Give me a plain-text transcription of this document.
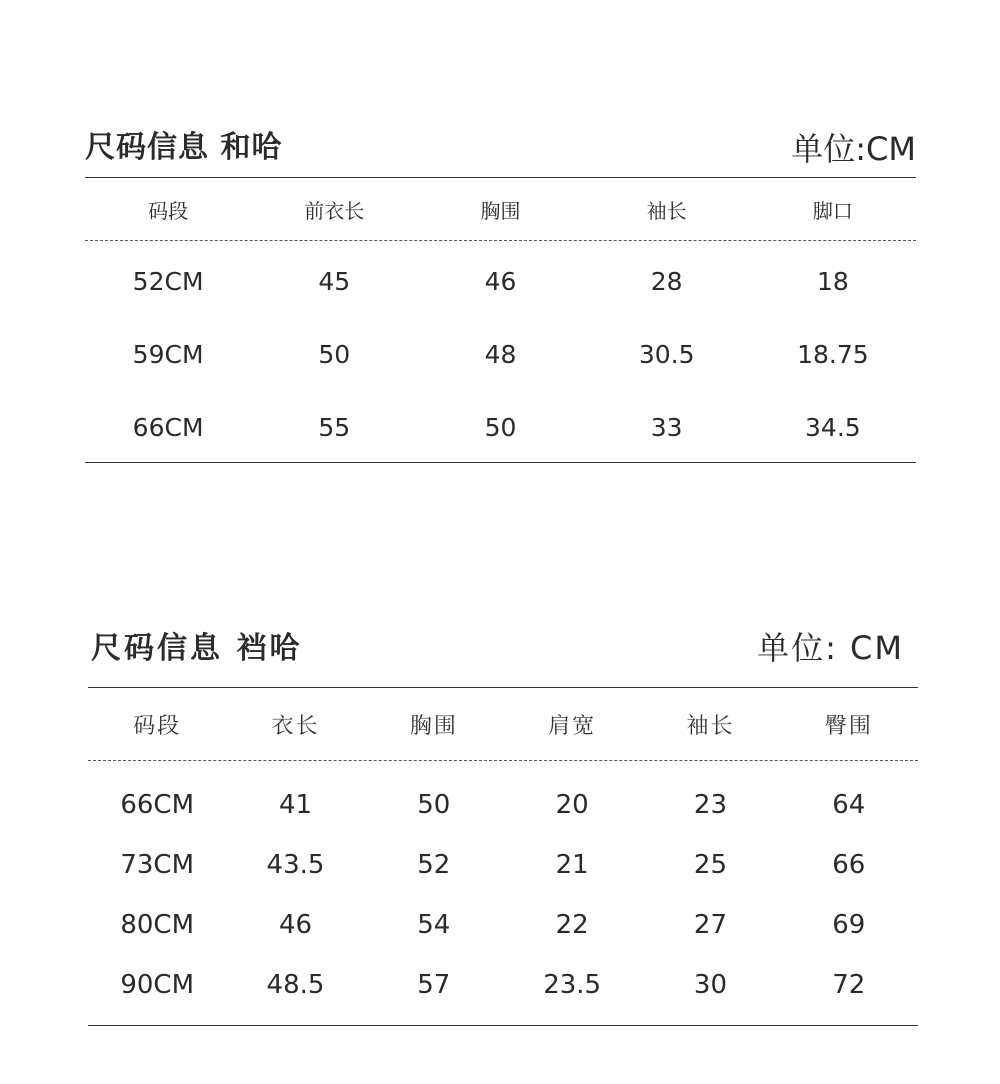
尺码信息 和哈	单位:CM
码段	前衣长	胸围	袖长	脚口
52CM	45	46	28	18
59CM	50	48	30.5	18.75
66CM	55	50	33	34.5
尺码信息 裆哈	单位: CM
码段	衣长	胸围	肩宽	袖长	臀围
66CM	41	50	20	23	64
73CM	43.5	52	21	25	66
80CM	46	54	22	27	69
90CM	48.5	57	23.5	30	72
